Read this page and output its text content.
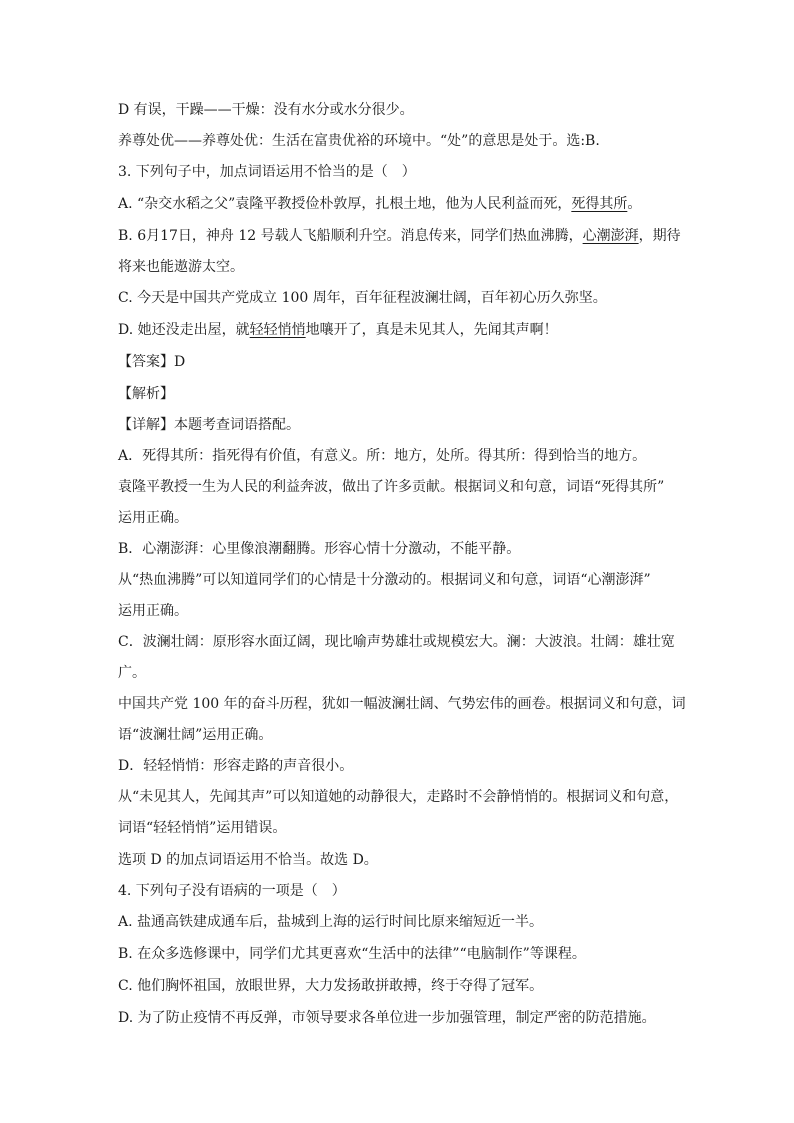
D 有误，干躁——干燥：没有水分或水分很少。

养尊处优——养尊处优：生活在富贵优裕的环境中。“处”的意思是处于。选:B.

3. 下列句子中，加点词语运用不恰当的是（　）

A. “杂交水稻之父”袁隆平教授俭朴敦厚，扎根土地，他为人民利益而死，死得其所。

B. 6月17日，神舟 12 号载人飞船顺利升空。消息传来，同学们热血沸腾，心潮澎湃，期待

将来也能遨游太空。

C. 今天是中国共产党成立 100 周年，百年征程波澜壮阔，百年初心历久弥坚。

D. 她还没走出屋，就轻轻悄悄地嚷开了，真是未见其人，先闻其声啊！

【答案】D

【解析】

【详解】本题考查词语搭配。

A．死得其所：指死得有价值，有意义。所：地方，处所。得其所：得到恰当的地方。

袁隆平教授一生为人民的利益奔波，做出了许多贡献。根据词义和句意，词语“死得其所”

运用正确。

B．心潮澎湃：心里像浪潮翻腾。形容心情十分激动，不能平静。

从“热血沸腾”可以知道同学们的心情是十分激动的。根据词义和句意，词语“心潮澎湃”

运用正确。

C．波澜壮阔：原形容水面辽阔，现比喻声势雄壮或规模宏大。澜：大波浪。壮阔：雄壮宽

广。

中国共产党 100 年的奋斗历程，犹如一幅波澜壮阔、气势宏伟的画卷。根据词义和句意，词

语“波澜壮阔”运用正确。

D．轻轻悄悄：形容走路的声音很小。

从“未见其人，先闻其声”可以知道她的动静很大，走路时不会静悄悄的。根据词义和句意，

词语“轻轻悄悄”运用错误。

选项 D 的加点词语运用不恰当。故选 D。

4. 下列句子没有语病的一项是（　）

A. 盐通高铁建成通车后，盐城到上海的运行时间比原来缩短近一半。

B. 在众多选修课中，同学们尤其更喜欢“生活中的法律”“电脑制作”等课程。

C. 他们胸怀祖国，放眼世界，大力发扬敢拼敢搏，终于夺得了冠军。

D. 为了防止疫情不再反弹，市领导要求各单位进一步加强管理，制定严密的防范措施。
